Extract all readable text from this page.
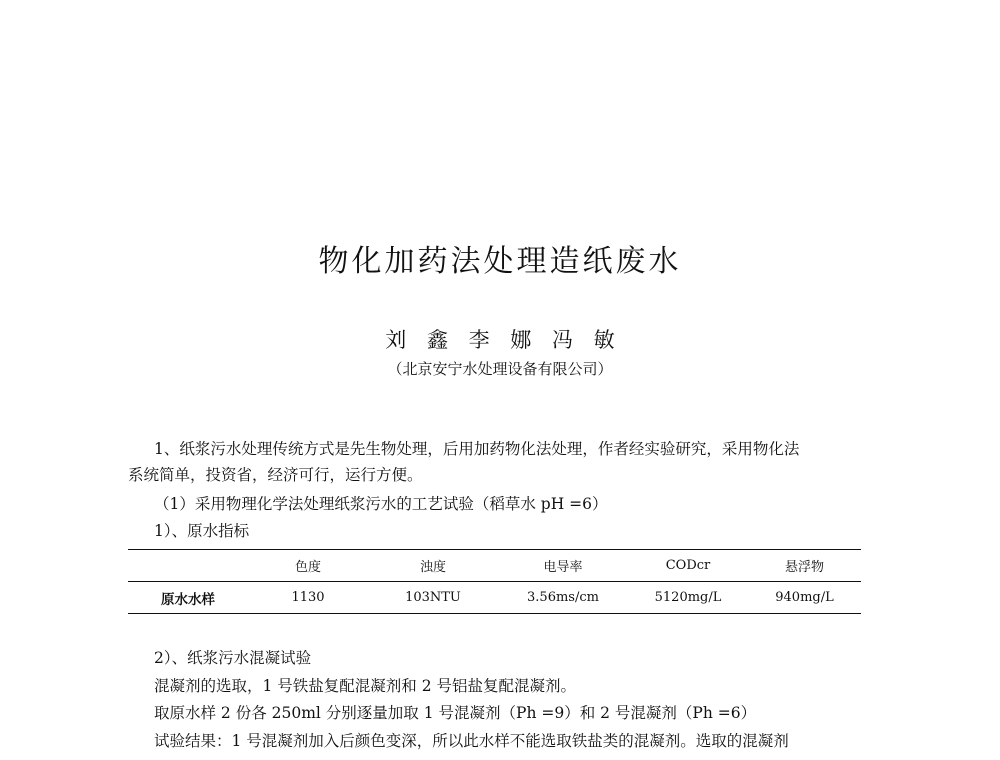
物化加药法处理造纸废水
刘 鑫 李 娜 冯 敏
（北京安宁水处理设备有限公司）
1、纸浆污水处理传统方式是先生物处理，后用加药物化法处理，作者经实验研究，采用物化法
系统简单，投资省，经济可行，运行方便。
（1）采用物理化学法处理纸浆污水的工艺试验（稻草水 pH =6）
1）、原水指标
	色度	浊度	电导率	CODcr	悬浮物
原水水样	1130	103NTU	3.56ms/cm	5120mg/L	940mg/L
2）、纸浆污水混凝试验
混凝剂的选取，1 号铁盐复配混凝剂和 2 号铝盐复配混凝剂。
取原水样 2 份各 250ml 分别逐量加取 1 号混凝剂（Ph =9）和 2 号混凝剂（Ph =6）
试验结果：1 号混凝剂加入后颜色变深，所以此水样不能选取铁盐类的混凝剂。选取的混凝剂
